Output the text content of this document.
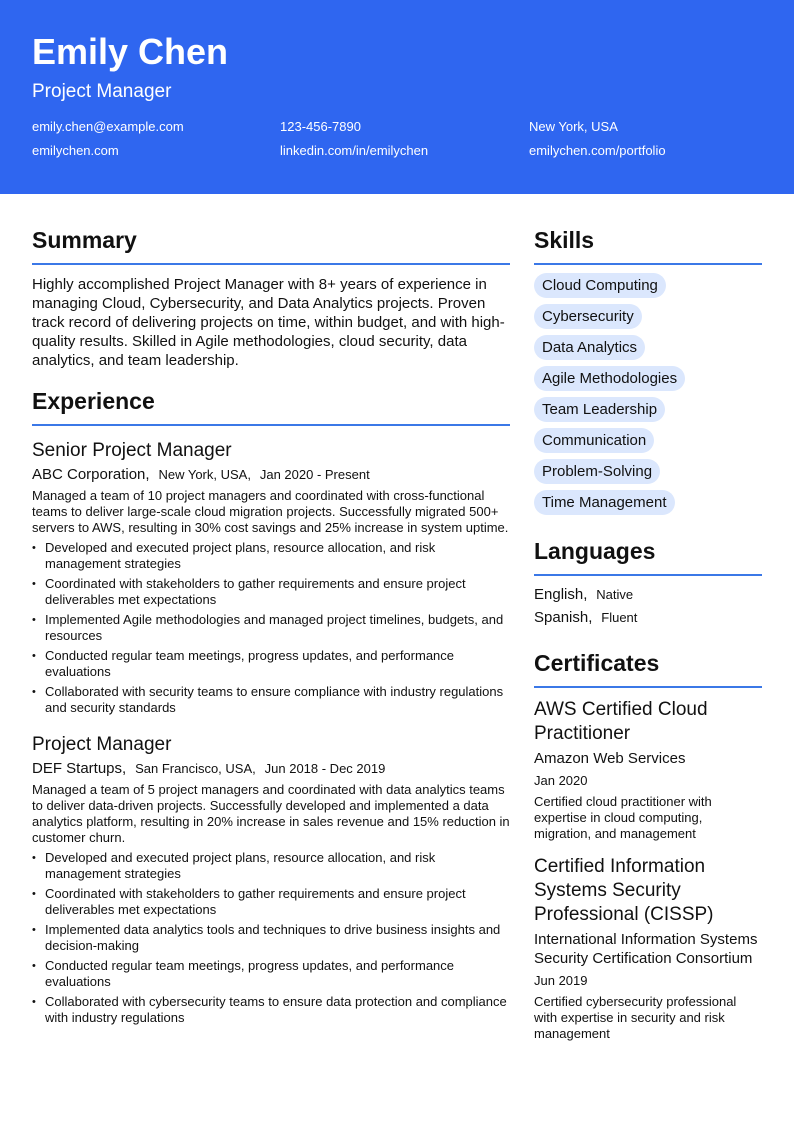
Emily Chen
Project Manager
emily.chen@example.com	123-456-7890	New York, USA
emilychen.com	linkedin.com/in/emilychen	emilychen.com/portfolio
Summary
Highly accomplished Project Manager with 8+ years of experience in managing Cloud, Cybersecurity, and Data Analytics projects. Proven track record of delivering projects on time, within budget, and with high-quality results. Skilled in Agile methodologies, cloud security, data analytics, and team leadership.
Experience
Senior Project Manager
ABC Corporation, New York, USA, Jan 2020 - Present
Managed a team of 10 project managers and coordinated with cross-functional teams to deliver large-scale cloud migration projects. Successfully migrated 500+ servers to AWS, resulting in 30% cost savings and 25% increase in system uptime.
• Developed and executed project plans, resource allocation, and risk management strategies
• Coordinated with stakeholders to gather requirements and ensure project deliverables met expectations
• Implemented Agile methodologies and managed project timelines, budgets, and resources
• Conducted regular team meetings, progress updates, and performance evaluations
• Collaborated with security teams to ensure compliance with industry regulations and security standards
Project Manager
DEF Startups, San Francisco, USA, Jun 2018 - Dec 2019
Managed a team of 5 project managers and coordinated with data analytics teams to deliver data-driven projects. Successfully developed and implemented a data analytics platform, resulting in 20% increase in sales revenue and 15% reduction in customer churn.
• Developed and executed project plans, resource allocation, and risk management strategies
• Coordinated with stakeholders to gather requirements and ensure project deliverables met expectations
• Implemented data analytics tools and techniques to drive business insights and decision-making
• Conducted regular team meetings, progress updates, and performance evaluations
• Collaborated with cybersecurity teams to ensure data protection and compliance with industry regulations
Skills
Cloud Computing
Cybersecurity
Data Analytics
Agile Methodologies
Team Leadership
Communication
Problem-Solving
Time Management
Languages
English, Native
Spanish, Fluent
Certificates
AWS Certified Cloud Practitioner
Amazon Web Services
Jan 2020
Certified cloud practitioner with expertise in cloud computing, migration, and management
Certified Information Systems Security Professional (CISSP)
International Information Systems Security Certification Consortium
Jun 2019
Certified cybersecurity professional with expertise in security and risk management
